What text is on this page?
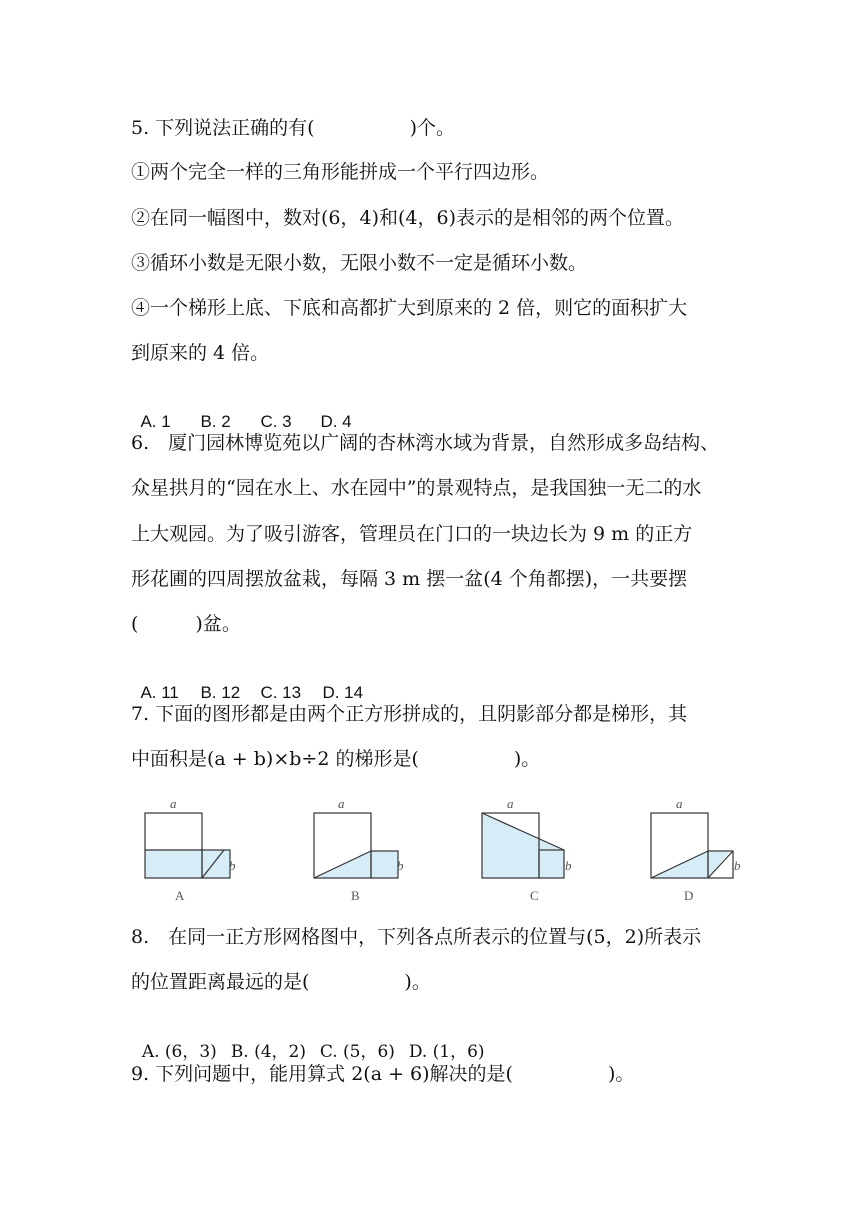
5. 下列说法正确的有(　　　　　)个。
①两个完全一样的三角形能拼成一个平行四边形。
②在同一幅图中，数对(6，4)和(4，6)表示的是相邻的两个位置。
③循环小数是无限小数，无限小数不一定是循环小数。
④一个梯形上底、下底和高都扩大到原来的 2 倍，则它的面积扩大
到原来的 4 倍。

A. 1 B. 2 C. 3 D. 4

6.　厦门园林博览苑以广阔的杏林湾水域为背景，自然形成多岛结构、
众星拱月的“园在水上、水在园中”的景观特点，是我国独一无二的水
上大观园。为了吸引游客，管理员在门口的一块边长为 9 m 的正方
形花圃的四周摆放盆栽，每隔 3 m 摆一盆(4 个角都摆)，一共要摆
(　　　)盆。

A. 11 B. 12 C. 13 D. 14

7. 下面的图形都是由两个正方形拼成的，且阴影部分都是梯形，其
中面积是(a + b)×b÷2 的梯形是(　　　　　)。
a
b
A
a
b
B
a
b
C
a
b
D
8.　在同一正方形网格图中，下列各点所表示的位置与(5，2)所表示
的位置距离最远的是(　　　　　)。

A. (6，3) B. (4，2) C. (5，6) D. (1，6)

9. 下列问题中，能用算式 2(a + 6)解决的是(　　　　　)。
